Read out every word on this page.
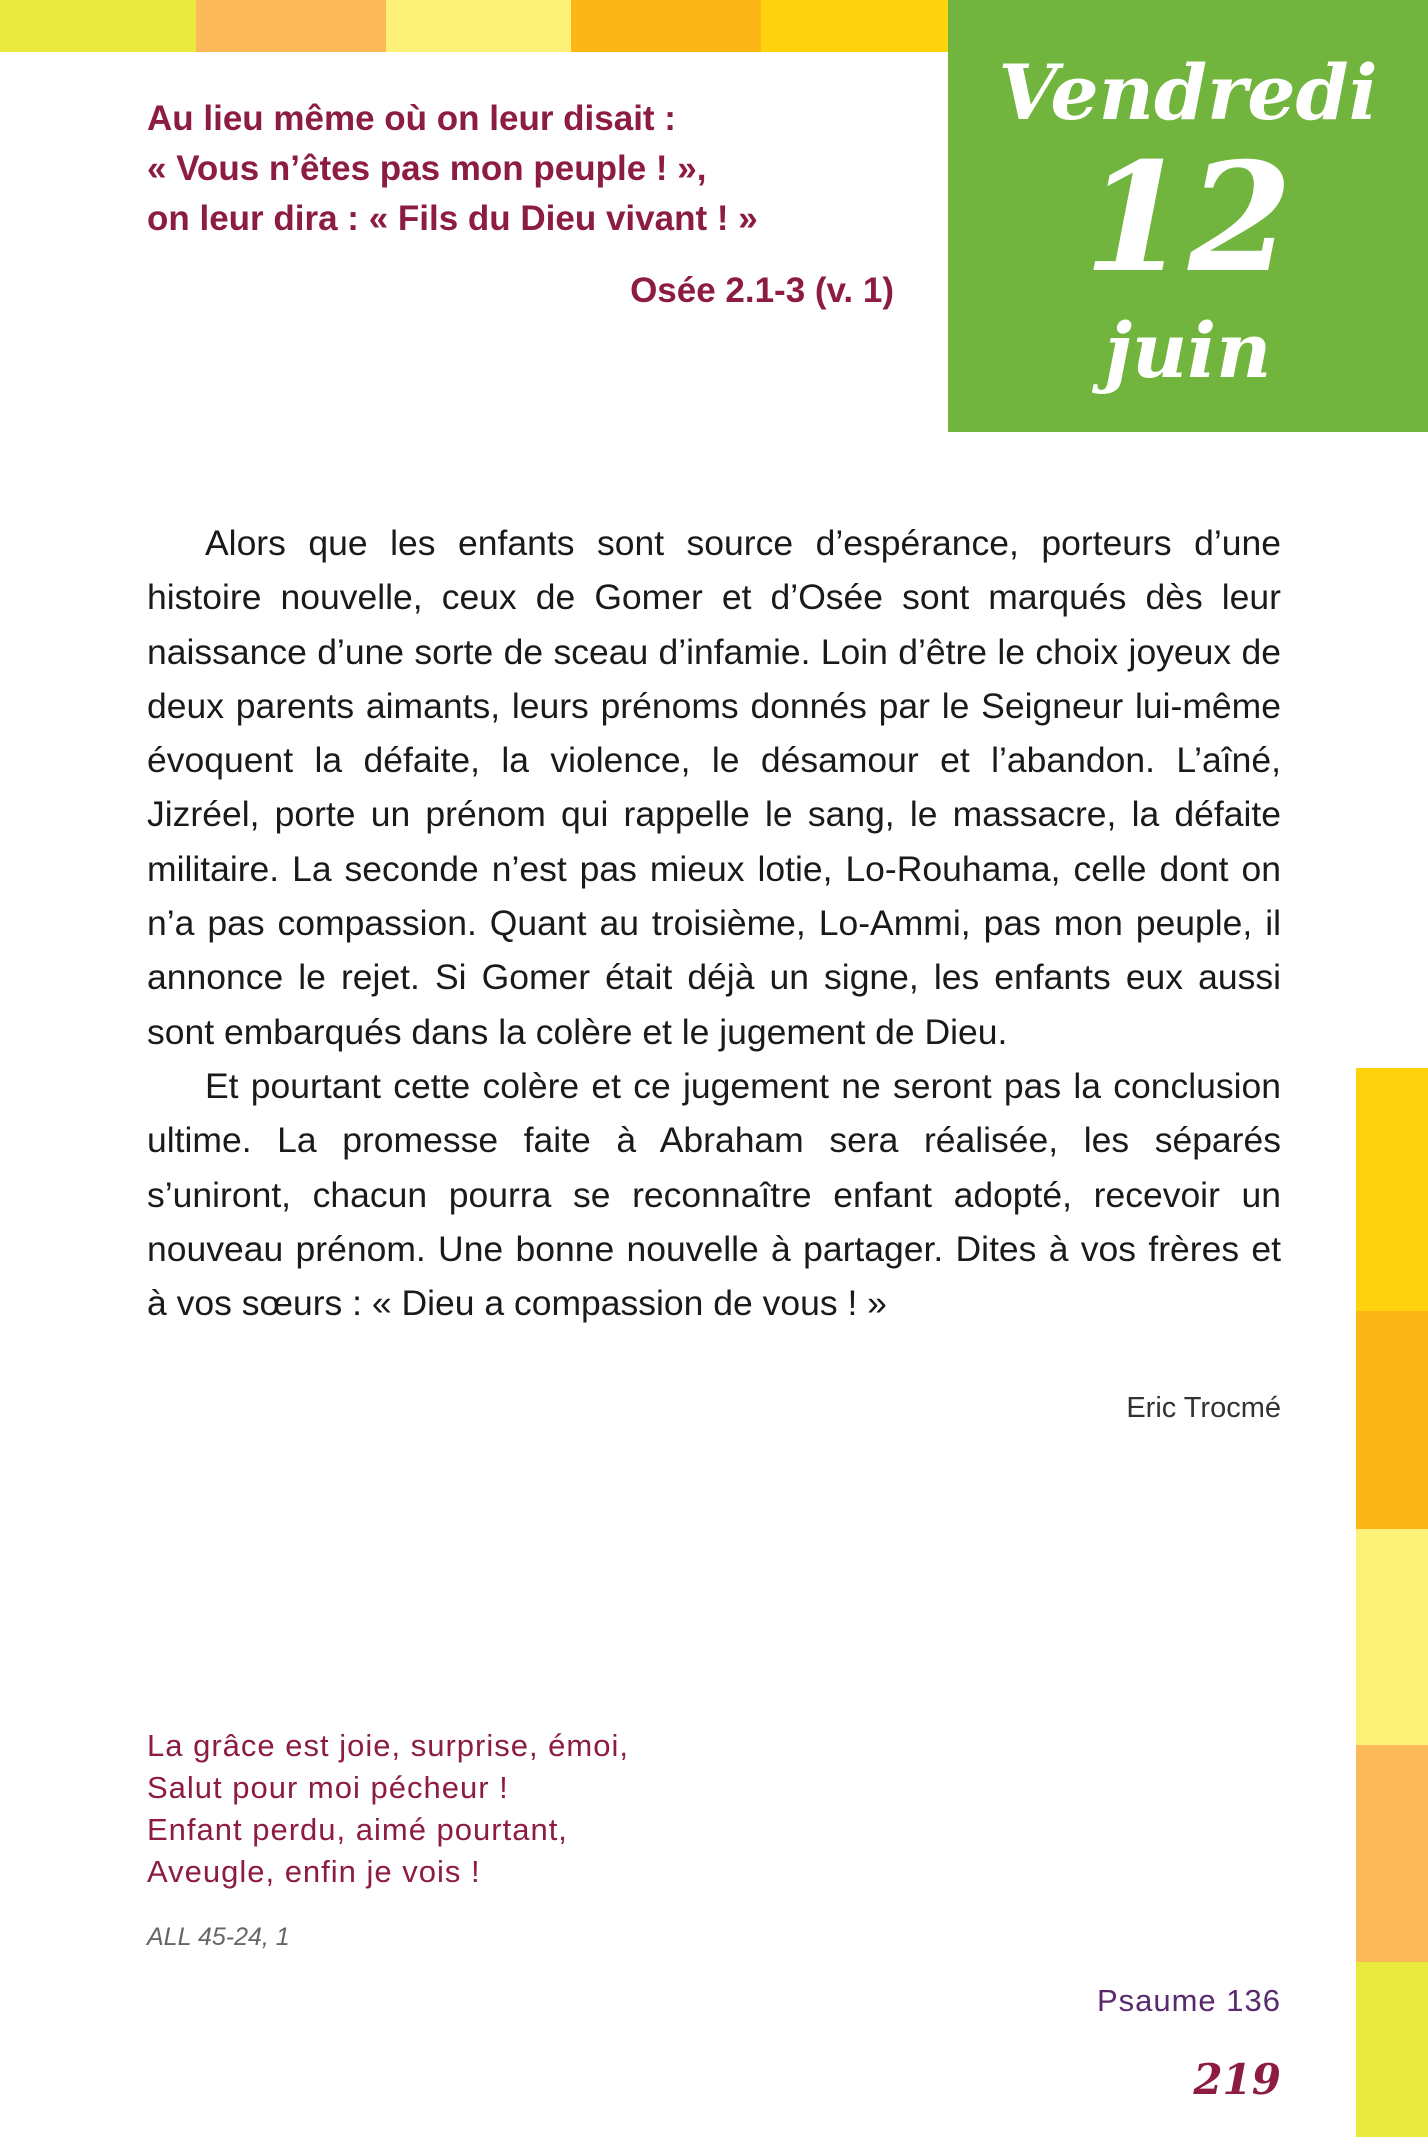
Vendredi
12
juin

Au lieu même où on leur disait :

« Vous n’êtes pas mon peuple ! »,

on leur dira : « Fils du Dieu vivant ! »

Osée 2.1-3 (v. 1)

Alors que les enfants sont source d’espérance, porteurs d’une histoire nouvelle, ceux de Gomer et d’Osée sont marqués dès leur naissance d’une sorte de sceau d’infamie. Loin d’être le choix joyeux de deux parents aimants, leurs prénoms donnés par le Seigneur lui-même évoquent la défaite, la violence, le désamour et l’abandon. L’aîné, Jizréel, porte un prénom qui rappelle le sang, le massacre, la défaite militaire. La seconde n’est pas mieux lotie, Lo-Rouhama, celle dont on n’a pas compassion. Quant au troisième, Lo-Ammi, pas mon peuple, il annonce le rejet. Si Gomer était déjà un signe, les enfants eux aussi sont embarqués dans la colère et le jugement de Dieu.

Et pourtant cette colère et ce jugement ne seront pas la conclusion ultime. La promesse faite à Abraham sera réalisée, les séparés s’uniront, chacun pourra se reconnaître enfant adopté, recevoir un nouveau prénom. Une bonne nouvelle à partager. Dites à vos frères et à vos sœurs : « Dieu a compassion de vous ! »

Eric Trocmé

La grâce est joie, surprise, émoi,

Salut pour moi pécheur !

Enfant perdu, aimé pourtant,

Aveugle, enfin je vois !

ALL 45-24, 1
Psaume 136
219
